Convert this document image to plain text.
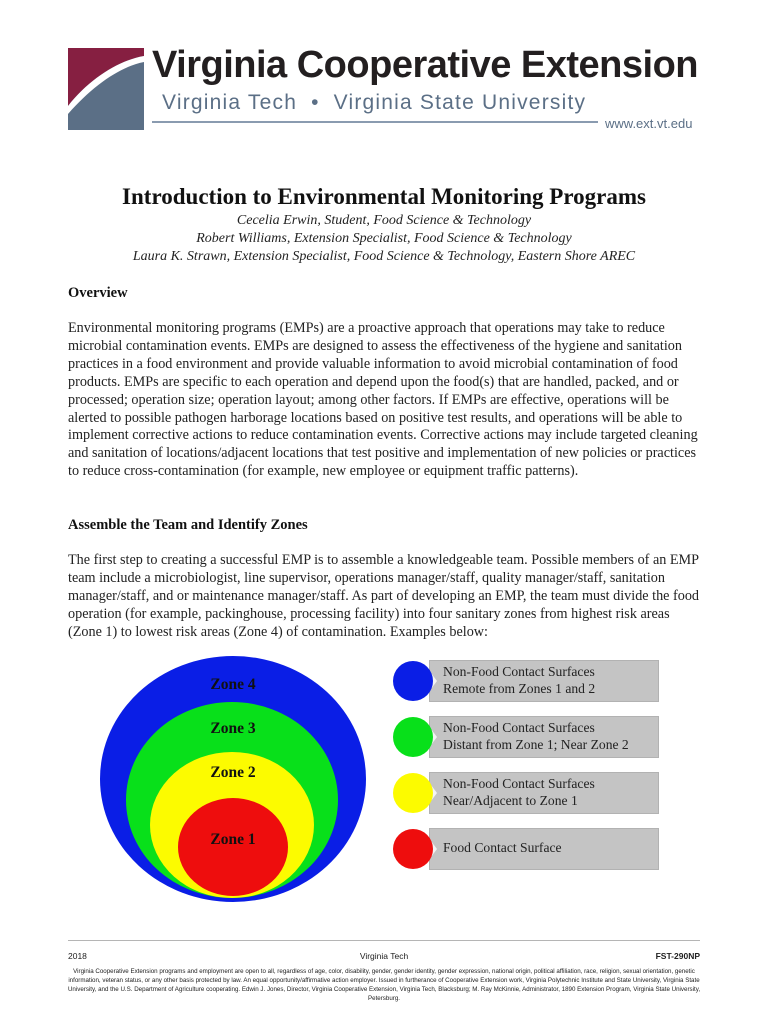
Virginia Cooperative Extension
Virginia Tech • Virginia State University
www.ext.vt.edu
Introduction to Environmental Monitoring Programs
Cecelia Erwin, Student, Food Science & Technology
Robert Williams, Extension Specialist, Food Science & Technology
Laura K. Strawn, Extension Specialist, Food Science & Technology, Eastern Shore AREC
Overview

Environmental monitoring programs (EMPs) are a proactive approach that operations may take to reduce microbial contamination events. EMPs are designed to assess the effectiveness of the hygiene and sanitation practices in a food environment and provide valuable information to avoid microbial contamination of food products. EMPs are specific to each operation and depend upon the food(s) that are handled, packed, and or processed; operation size; operation layout; among other factors. If EMPs are effective, operations will be alerted to possible pathogen harborage locations based on positive test results, and operations will be able to implement corrective actions to reduce contamination events. Corrective actions may include targeted cleaning and sanitation of locations/adjacent locations that test positive and implementation of new policies or practices to reduce cross-contamination (for example, new employee or equipment traffic patterns).

Assemble the Team and Identify Zones

The first step to creating a successful EMP is to assemble a knowledgeable team. Possible members of an EMP team include a microbiologist, line supervisor, operations manager/staff, quality manager/staff, sanitation manager/staff, and or maintenance manager/staff. As part of developing an EMP, the team must divide the food operation (for example, packinghouse, processing facility) into four sanitary zones from highest risk areas (Zone 1) to lowest risk areas (Zone 4) of contamination. Examples below:

Zone 4
Zone 3
Zone 2
Zone 1
Non-Food Contact Surfaces
Remote from Zones 1 and 2
Non-Food Contact Surfaces
Distant from Zone 1; Near Zone 2
Non-Food Contact Surfaces
Near/Adjacent to Zone 1
Food Contact Surface
2018	Virginia Tech	FST-290NP
Virginia Cooperative Extension programs and employment are open to all, regardless of age, color, disability, gender, gender identity, gender expression, national origin, political affiliation, race, religion, sexual orientation, genetic information, veteran status, or any other basis protected by law. An equal opportunity/affirmative action employer. Issued in furtherance of Cooperative Extension work, Virginia Polytechnic Institute and State University, Virginia State University, and the U.S. Department of Agriculture cooperating. Edwin J. Jones, Director, Virginia Cooperative Extension, Virginia Tech, Blacksburg; M. Ray McKinnie, Administrator, 1890 Extension Program, Virginia State University, Petersburg.
